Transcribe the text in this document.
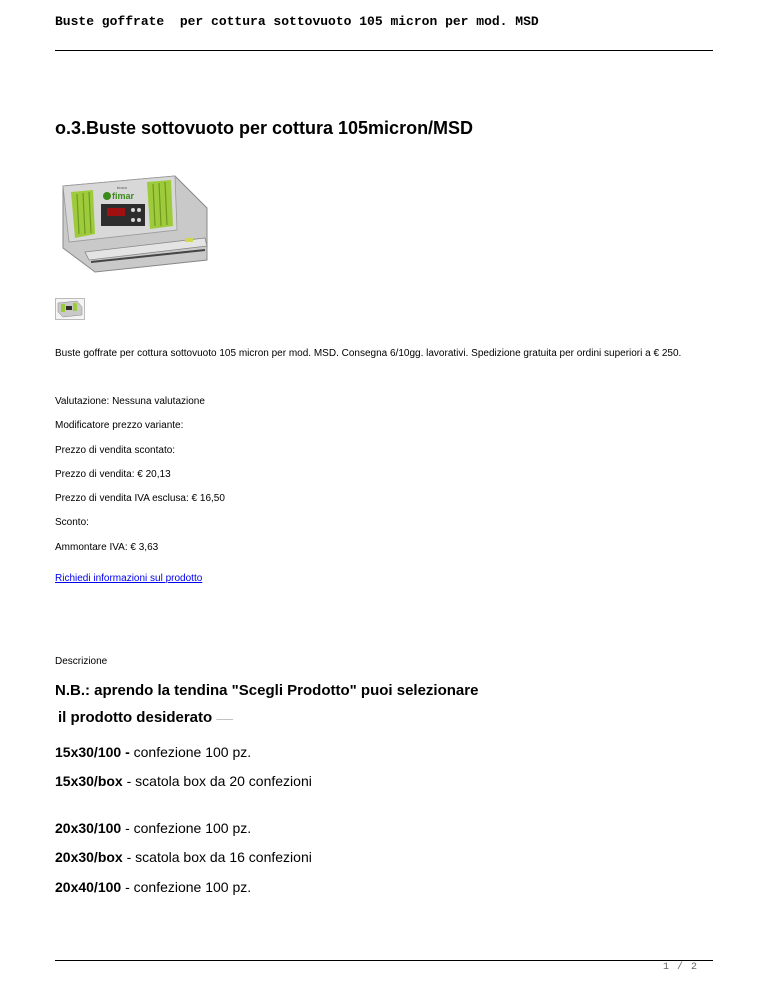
Buste goffrate  per cottura sottovuoto 105 micron per mod. MSD
o.3.Buste sottovuoto per cottura 105micron/MSD
fimar
bravo
Buste goffrate per cottura sottovuoto 105 micron per mod. MSD. Consegna 6/10gg. lavorativi. Spedizione gratuita per ordini superiori a € 250.
Valutazione: Nessuna valutazione
Modificatore prezzo variante:
Prezzo di vendita scontato:
Prezzo di vendita: € 20,13
Prezzo di vendita IVA esclusa: € 16,50
Sconto:
Ammontare IVA: € 3,63
Richiedi informazioni sul prodotto
Descrizione
N.B.: aprendo la tendina "Scegli Prodotto" puoi selezionare
il prodotto desiderato ______
15x30/100 - confezione 100 pz.
15x30/box - scatola box da 20 confezioni
20x30/100 - confezione 100 pz.
20x30/box - scatola box da 16 confezioni
20x40/100 - confezione 100 pz.
1 / 2
